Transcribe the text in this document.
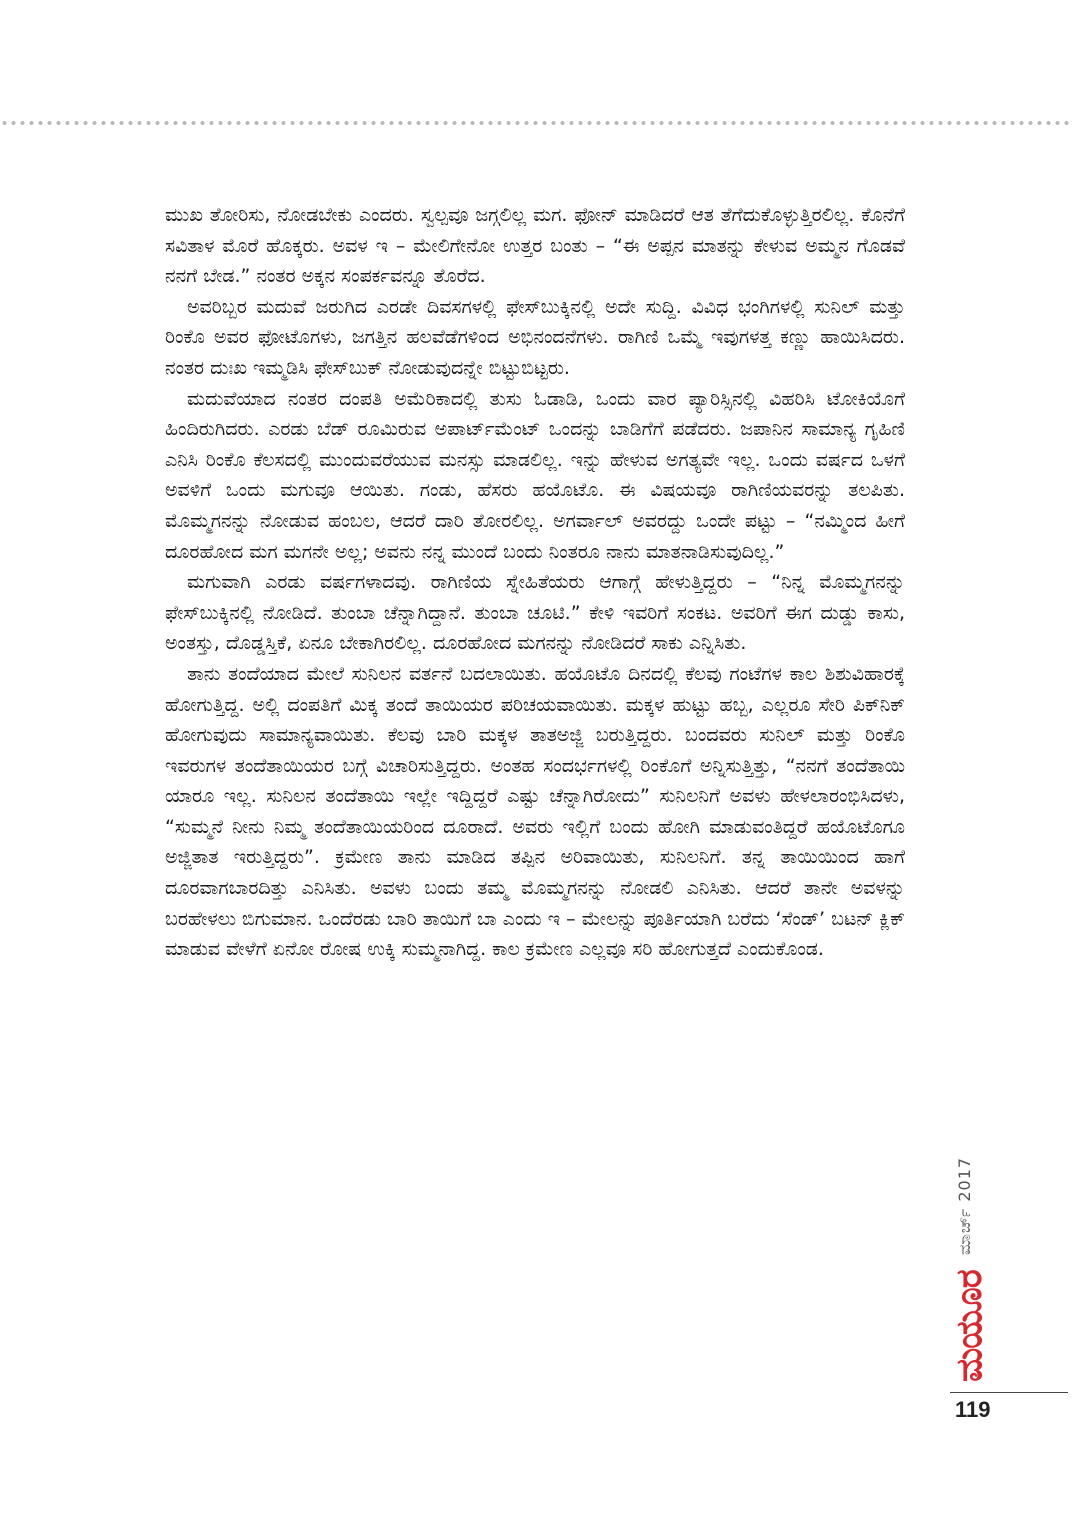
ಮುಖ ತೋರಿಸು, ನೋಡಬೇಕು ಎಂದರು. ಸ್ವಲ್ಪವೂ ಜಗ್ಗಲಿಲ್ಲ ಮಗ. ಫೋನ್ ಮಾಡಿದರೆ ಆತ ತೆಗೆದುಕೊಳ್ಳುತ್ತಿರಲಿಲ್ಲ. ಕೊನೆಗೆ ಸವಿತಾಳ ಮೊರೆ ಹೊಕ್ಕರು. ಅವಳ ಇ – ಮೇಲಿಗೇನೋ ಉತ್ತರ ಬಂತು – “ಈ ಅಪ್ಪನ ಮಾತನ್ನು ಕೇಳುವ ಅಮ್ಮನ ಗೊಡವೆ ನನಗೆ ಬೇಡ.” ನಂತರ ಅಕ್ಕನ ಸಂಪರ್ಕವನ್ನೂ ತೊರೆದ.

ಅವರಿಬ್ಬರ ಮದುವೆ ಜರುಗಿದ ಎರಡೇ ದಿವಸಗಳಲ್ಲಿ ಫೇಸ್‌ಬುಕ್ಕಿನಲ್ಲಿ ಅದೇ ಸುದ್ದಿ. ವಿವಿಧ ಭಂಗಿಗಳಲ್ಲಿ ಸುನಿಲ್ ಮತ್ತು ರಿಂಕೊ ಅವರ ಫೋಟೊಗಳು, ಜಗತ್ತಿನ ಹಲವೆಡೆಗಳಿಂದ ಅಭಿನಂದನೆಗಳು. ರಾಗಿಣಿ ಒಮ್ಮೆ ಇವುಗಳತ್ತ ಕಣ್ಣು ಹಾಯಿಸಿದರು. ನಂತರ ದುಃಖ ಇಮ್ಮಡಿಸಿ ಫೇಸ್‌ಬುಕ್ ನೋಡುವುದನ್ನೇ ಬಿಟ್ಟುಬಿಟ್ಟರು.

ಮದುವೆಯಾದ ನಂತರ ದಂಪತಿ ಅಮೆರಿಕಾದಲ್ಲಿ ತುಸು ಓಡಾಡಿ, ಒಂದು ವಾರ ಪ್ಯಾರಿಸ್ಸಿನಲ್ಲಿ ವಿಹರಿಸಿ ಟೋಕಿಯೊಗೆ ಹಿಂದಿರುಗಿದರು. ಎರಡು ಬೆಡ್ ರೂಮಿರುವ ಅಪಾರ್ಟ್‌ಮೆಂಟ್ ಒಂದನ್ನು ಬಾಡಿಗೆಗೆ ಪಡೆದರು. ಜಪಾನಿನ ಸಾಮಾನ್ಯ ಗೃಹಿಣಿ ಎನಿಸಿ ರಿಂಕೊ ಕೆಲಸದಲ್ಲಿ ಮುಂದುವರೆಯುವ ಮನಸ್ಸು ಮಾಡಲಿಲ್ಲ. ಇನ್ನು ಹೇಳುವ ಅಗತ್ಯವೇ ಇಲ್ಲ. ಒಂದು ವರ್ಷದ ಒಳಗೆ ಅವಳಿಗೆ ಒಂದು ಮಗುವೂ ಆಯಿತು. ಗಂಡು, ಹೆಸರು ಹಯೊಟೊ. ಈ ವಿಷಯವೂ ರಾಗಿಣಿಯವರನ್ನು ತಲಪಿತು. ಮೊಮ್ಮಗನನ್ನು ನೋಡುವ ಹಂಬಲ, ಆದರೆ ದಾರಿ ತೋರಲಿಲ್ಲ. ಅಗರ್ವಾಲ್ ಅವರದ್ದು ಒಂದೇ ಪಟ್ಟು – “ನಮ್ಮಿಂದ ಹೀಗೆ ದೂರಹೋದ ಮಗ ಮಗನೇ ಅಲ್ಲ; ಅವನು ನನ್ನ ಮುಂದೆ ಬಂದು ನಿಂತರೂ ನಾನು ಮಾತನಾಡಿಸುವುದಿಲ್ಲ.”

ಮಗುವಾಗಿ ಎರಡು ವರ್ಷಗಳಾದವು. ರಾಗಿಣಿಯ ಸ್ನೇಹಿತೆಯರು ಆಗಾಗ್ಗೆ ಹೇಳುತ್ತಿದ್ದರು – “ನಿನ್ನ ಮೊಮ್ಮಗನನ್ನು ಫೇಸ್‌ಬುಕ್ಕಿನಲ್ಲಿ ನೋಡಿದೆ. ತುಂಬಾ ಚೆನ್ನಾಗಿದ್ದಾನೆ. ತುಂಬಾ ಚೂಟಿ.” ಕೇಳಿ ಇವರಿಗೆ ಸಂಕಟ. ಅವರಿಗೆ ಈಗ ದುಡ್ಡು ಕಾಸು, ಅಂತಸ್ತು, ದೊಡ್ಡಸ್ತಿಕೆ, ಏನೂ ಬೇಕಾಗಿರಲಿಲ್ಲ. ದೂರಹೋದ ಮಗನನ್ನು ನೋಡಿದರೆ ಸಾಕು ಎನ್ನಿಸಿತು.

ತಾನು ತಂದೆಯಾದ ಮೇಲೆ ಸುನಿಲನ ವರ್ತನೆ ಬದಲಾಯಿತು. ಹಯೊಟೊ ದಿನದಲ್ಲಿ ಕೆಲವು ಗಂಟೆಗಳ ಕಾಲ ಶಿಶುವಿಹಾರಕ್ಕೆ ಹೋಗುತ್ತಿದ್ದ. ಅಲ್ಲಿ ದಂಪತಿಗೆ ಮಿಕ್ಕ ತಂದೆ ತಾಯಿಯರ ಪರಿಚಯವಾಯಿತು. ಮಕ್ಕಳ ಹುಟ್ಟು ಹಬ್ಬ, ಎಲ್ಲರೂ ಸೇರಿ ಪಿಕ್‌ನಿಕ್ ಹೋಗುವುದು ಸಾಮಾನ್ಯವಾಯಿತು. ಕೆಲವು ಬಾರಿ ಮಕ್ಕಳ ತಾತಅಜ್ಜಿ ಬರುತ್ತಿದ್ದರು. ಬಂದವರು ಸುನಿಲ್ ಮತ್ತು ರಿಂಕೊ ಇವರುಗಳ ತಂದೆತಾಯಿಯರ ಬಗ್ಗೆ ವಿಚಾರಿಸುತ್ತಿದ್ದರು. ಅಂತಹ ಸಂದರ್ಭಗಳಲ್ಲಿ ರಿಂಕೊಗೆ ಅನ್ನಿಸುತ್ತಿತ್ತು, “ನನಗೆ ತಂದೆತಾಯಿ ಯಾರೂ ಇಲ್ಲ. ಸುನಿಲನ ತಂದೆತಾಯಿ ಇಲ್ಲೇ ಇದ್ದಿದ್ದರೆ ಎಷ್ಟು ಚೆನ್ನಾಗಿರೋದು” ಸುನಿಲನಿಗೆ ಅವಳು ಹೇಳಲಾರಂಭಿಸಿದಳು, “ಸುಮ್ಮನೆ ನೀನು ನಿಮ್ಮ ತಂದೆತಾಯಿಯರಿಂದ ದೂರಾದೆ. ಅವರು ಇಲ್ಲಿಗೆ ಬಂದು ಹೋಗಿ ಮಾಡುವಂತಿದ್ದರೆ ಹಯೊಟೊಗೂ ಅಜ್ಜಿತಾತ ಇರುತ್ತಿದ್ದರು”. ಕ್ರಮೇಣ ತಾನು ಮಾಡಿದ ತಪ್ಪಿನ ಅರಿವಾಯಿತು, ಸುನಿಲನಿಗೆ. ತನ್ನ ತಾಯಿಯಿಂದ ಹಾಗೆ ದೂರವಾಗಬಾರದಿತ್ತು ಎನಿಸಿತು. ಅವಳು ಬಂದು ತಮ್ಮ ಮೊಮ್ಮಗನನ್ನು ನೋಡಲಿ ಎನಿಸಿತು. ಆದರೆ ತಾನೇ ಅವಳನ್ನು ಬರಹೇಳಲು ಬಿಗುಮಾನ. ಒಂದೆರಡು ಬಾರಿ ತಾಯಿಗೆ ಬಾ ಎಂದು ಇ – ಮೇಲನ್ನು ಪೂರ್ತಿಯಾಗಿ ಬರೆದು ‘ಸೆಂಡ್’ ಬಟನ್ ಕ್ಲಿಕ್ ಮಾಡುವ ವೇಳೆಗೆ ಏನೋ ರೋಷ ಉಕ್ಕಿ ಸುಮ್ಮನಾಗಿದ್ದ. ಕಾಲ ಕ್ರಮೇಣ ಎಲ್ಲವೂ ಸರಿ ಹೋಗುತ್ತದೆ ಎಂದುಕೊಂಡ.

ಮಾರ್ಚ್ 2017
ಮಯೂರ
119
